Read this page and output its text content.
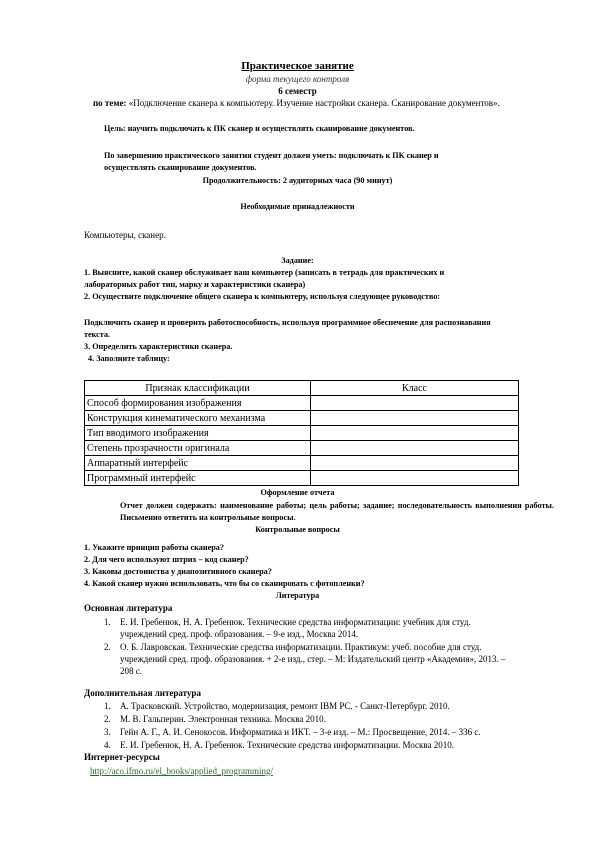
Практическое занятие
форма текущего контроля
6 семестр
по теме: «Подключение сканера к компьютеру. Изучение настройки сканера. Сканирование документов».
Цель: научить подключать к ПК сканер и осуществлять сканирование документов.
По завершению практического занятия студент должен уметь: подключать к ПК сканер и
осуществлять сканирование документов.
Продолжительность: 2 аудиторных часа (90 минут)
Необходимые принадлежности
Компьютеры, сканер.
Задание:
1. Выясните, какой сканер обслуживает ваш компьютер (записать в тетрадь для практических и
лабораторных работ тип, марку и характеристики сканера)
2. Осуществите подключение общего сканера к компьютеру, используя следующее руководство:
Подключить сканер и проверить работоспособность, используя программное обеспечение для распознавания
текста.
3. Определить характеристики сканера.
4. Заполните таблицу:
Признак классификации	Класс
Способ формирования изображения	
Конструкция кинематического механизма	
Тип вводимого изображения	
Степень прозрачности оригинала	
Аппаратный интерфейс	
Программный интерфейс	
Оформление отчета
Отчет должен содержать: наименование работы; цель работы; задание; последовательность выполнения работы. Письменно ответить на контрольные вопросы.
Контрольные вопросы
1. Укажите принцип работы сканера?
2. Для чего используют штрих – код сканер?
3. Каковы достоинства у диапозитивного сканера?
4. Какой сканер нужно использовать, что бы со сканировать с фотопленки?
Литература
Основная литература
1. Е. И. Гребенюк, Н. А. Гребенюк. Технические средства информатизации: учебник для студ.
учреждений сред. проф. образования. – 9-е изд., Москва 2014.
2. О. Б. Лавровская. Технические средства информатизации. Практикум: учеб. пособие для студ.
учреждений сред. проф. образования. + 2-е изд., стер. – М: Издательский центр «Академия», 2013. –
208 с.
Дополнительная литература
1. А. Трасковский. Устройство, модернизация, ремонт IBM PC. - Санкт-Петербург. 2010.
2. М. В. Гальперин. Электронная техника. Москва 2010.
3. Гейн А. Г., А. И. Сенокосов. Информатика и ИКТ. – 3-е изд. – М.: Просвещение, 2014. – 336 с.
4. Е. И. Гребенюк, Н. А. Гребенюк. Технические средства информатизации. Москва 2010.
Интернет-ресурсы
http://aco.ifmo.ru/el_books/applied_programming/
